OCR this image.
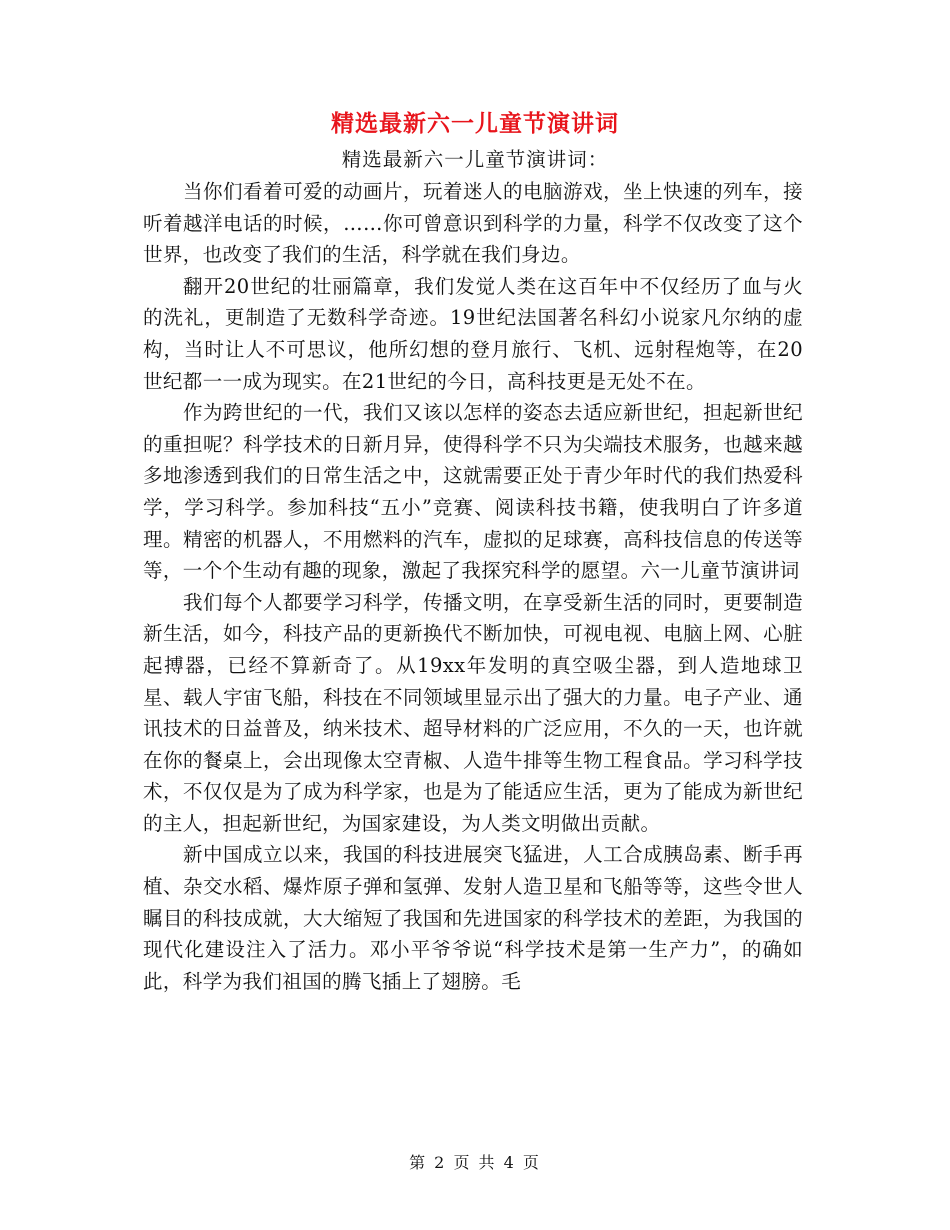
精选最新六一儿童节演讲词
精选最新六一儿童节演讲词：

当你们看着可爱的动画片，玩着迷人的电脑游戏，坐上快速的列车，接听着越洋电话的时候，……你可曾意识到科学的力量，科学不仅改变了这个世界，也改变了我们的生活，科学就在我们身边。

翻开20世纪的壮丽篇章，我们发觉人类在这百年中不仅经历了血与火的洗礼，更制造了无数科学奇迹。19世纪法国著名科幻小说家凡尔纳的虚构，当时让人不可思议，他所幻想的登月旅行、飞机、远射程炮等，在20世纪都一一成为现实。在21世纪的今日，高科技更是无处不在。

作为跨世纪的一代，我们又该以怎样的姿态去适应新世纪，担起新世纪的重担呢？科学技术的日新月异，使得科学不只为尖端技术服务，也越来越多地渗透到我们的日常生活之中，这就需要正处于青少年时代的我们热爱科学，学习科学。参加科技“五小”竞赛、阅读科技书籍，使我明白了许多道理。精密的机器人，不用燃料的汽车，虚拟的足球赛，高科技信息的传送等等，一个个生动有趣的现象，激起了我探究科学的愿望。六一儿童节演讲词

我们每个人都要学习科学，传播文明，在享受新生活的同时，更要制造新生活，如今，科技产品的更新换代不断加快，可视电视、电脑上网、心脏起搏器，已经不算新奇了。从19xx年发明的真空吸尘器，到人造地球卫星、载人宇宙飞船，科技在不同领域里显示出了强大的力量。电子产业、通讯技术的日益普及，纳米技术、超导材料的广泛应用，不久的一天，也许就在你的餐桌上，会出现像太空青椒、人造牛排等生物工程食品。学习科学技术，不仅仅是为了成为科学家，也是为了能适应生活，更为了能成为新世纪的主人，担起新世纪，为国家建设，为人类文明做出贡献。

新中国成立以来，我国的科技进展突飞猛进，人工合成胰岛素、断手再植、杂交水稻、爆炸原子弹和氢弹、发射人造卫星和飞船等等，这些令世人瞩目的科技成就，大大缩短了我国和先进国家的科学技术的差距，为我国的现代化建设注入了活力。邓小平爷爷说“科学技术是第一生产力”，的确如此，科学为我们祖国的腾飞插上了翅膀。毛

第 2 页 共 4 页
